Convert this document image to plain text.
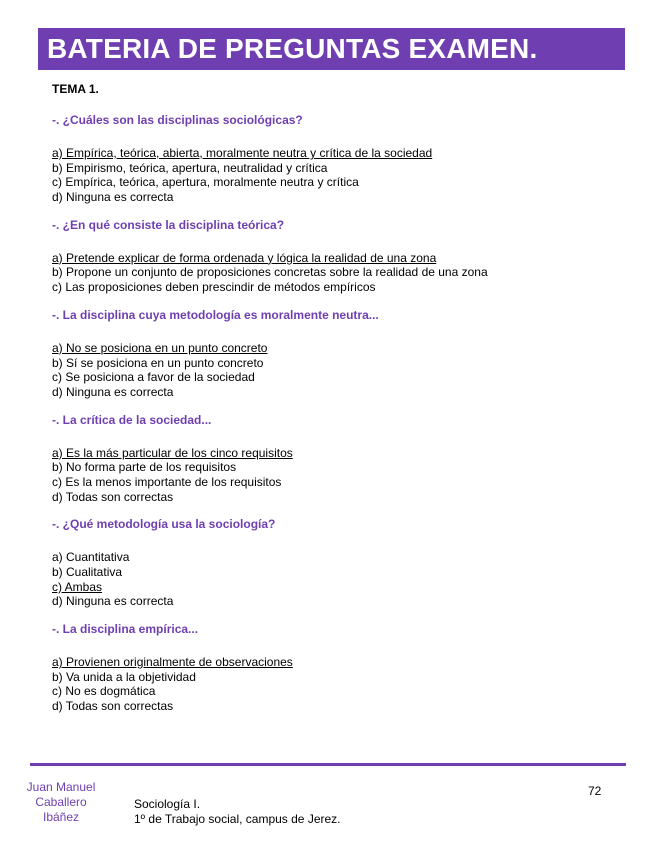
BATERIA DE PREGUNTAS EXAMEN.
TEMA 1.
-. ¿Cuáles son las disciplinas sociológicas?
a) Empírica, teórica, abierta, moralmente neutra y crítica de la sociedad
b) Empirismo, teórica, apertura, neutralidad y crítica
c) Empírica, teórica, apertura, moralmente neutra y crítica
d) Ninguna es correcta
-. ¿En qué consiste la disciplina teórica?
a) Pretende explicar de forma ordenada y lógica la realidad de una zona
b) Propone un conjunto de proposiciones concretas sobre la realidad de una zona
c) Las proposiciones deben prescindir de métodos empíricos
-. La disciplina cuya metodología es moralmente neutra...
a) No se posiciona en un punto concreto
b) Sí se posiciona en un punto concreto
c) Se posiciona a favor de la sociedad
d) Ninguna es correcta
-. La crítica de la sociedad...
a) Es la más particular de los cinco requisitos
b) No forma parte de los requisitos
c) Es la menos importante de los requisitos
d) Todas son correctas
-. ¿Qué metodología usa la sociología?
a) Cuantitativa
b) Cualitativa
c) Ambas
d) Ninguna es correcta
-. La disciplina empírica...
a) Provienen originalmente de observaciones
b) Va unida a la objetividad
c) No es dogmática
d) Todas son correctas
Juan Manuel
Caballero
Ibáñez
Sociología I.
1º de Trabajo social, campus de Jerez.
72
